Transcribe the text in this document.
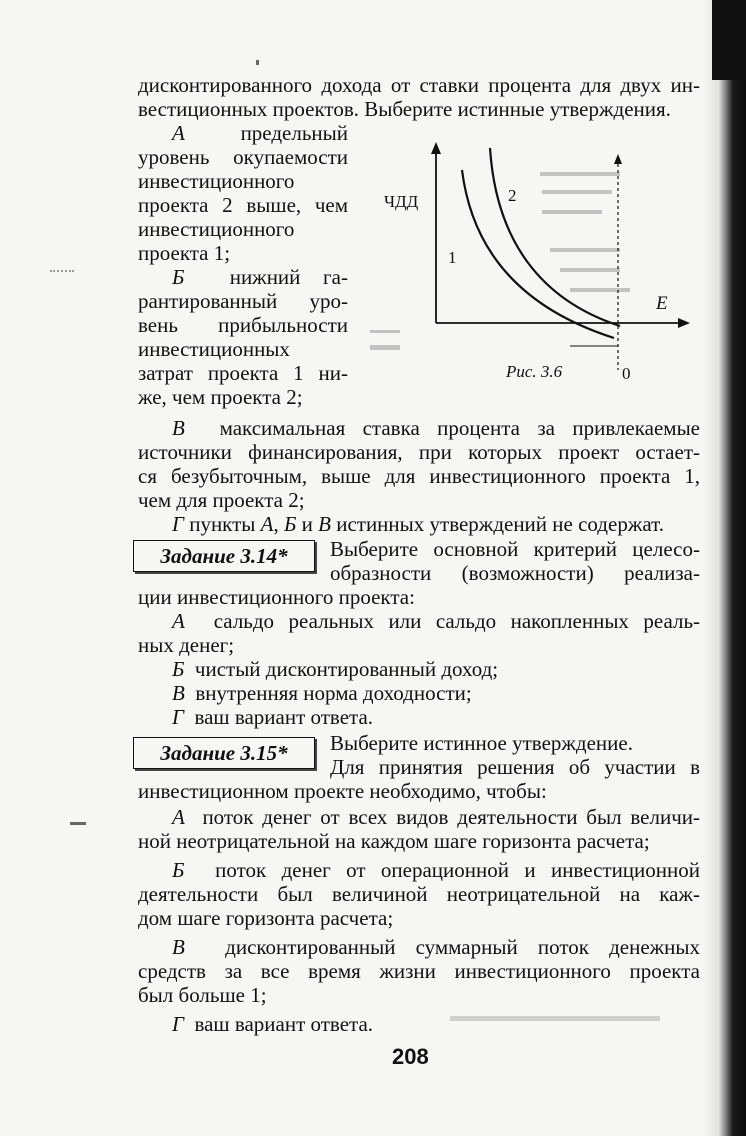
дисконтированного дохода от ставки процента для двух ин-
вестиционных проектов. Выберите истинные утверждения.
А	предельный
уровень окупаемости
инвестиционного
проекта 2 выше, чем
инвестиционного
проекта 1;
Б нижний га-
рантированный уро-
вень прибыльности
инвестиционных
затрат проекта 1 ни-
же, чем проекта 2;
ЧДД
Е
1
2
Рис. 3.6	0
В максимальная ставка процента за привлекаемые
источники финансирования, при которых проект остает-
ся безубыточным, выше для инвестиционного проекта 1,
чем для проекта 2;
Г пункты А, Б и В истинных утверждений не содержат.
Задание 3.14*	Выберите основной критерий целесо-
образности (возможности) реализа-
ции инвестиционного проекта:
А сальдо реальных или сальдо накопленных реаль-
ных денег;
Б чистый дисконтированный доход;
В внутренняя норма доходности;
Г ваш вариант ответа.
Задание 3.15*	Выберите истинное утверждение.
Для принятия решения об участии в
инвестиционном проекте необходимо, чтобы:
А поток денег от всех видов деятельности был величи-
ной неотрицательной на каждом шаге горизонта расчета;
Б поток денег от операционной и инвестиционной
деятельности был величиной неотрицательной на каж-
дом шаге горизонта расчета;
В дисконтированный суммарный поток денежных
средств за все время жизни инвестиционного проекта
был больше 1;
Г ваш вариант ответа.
208
